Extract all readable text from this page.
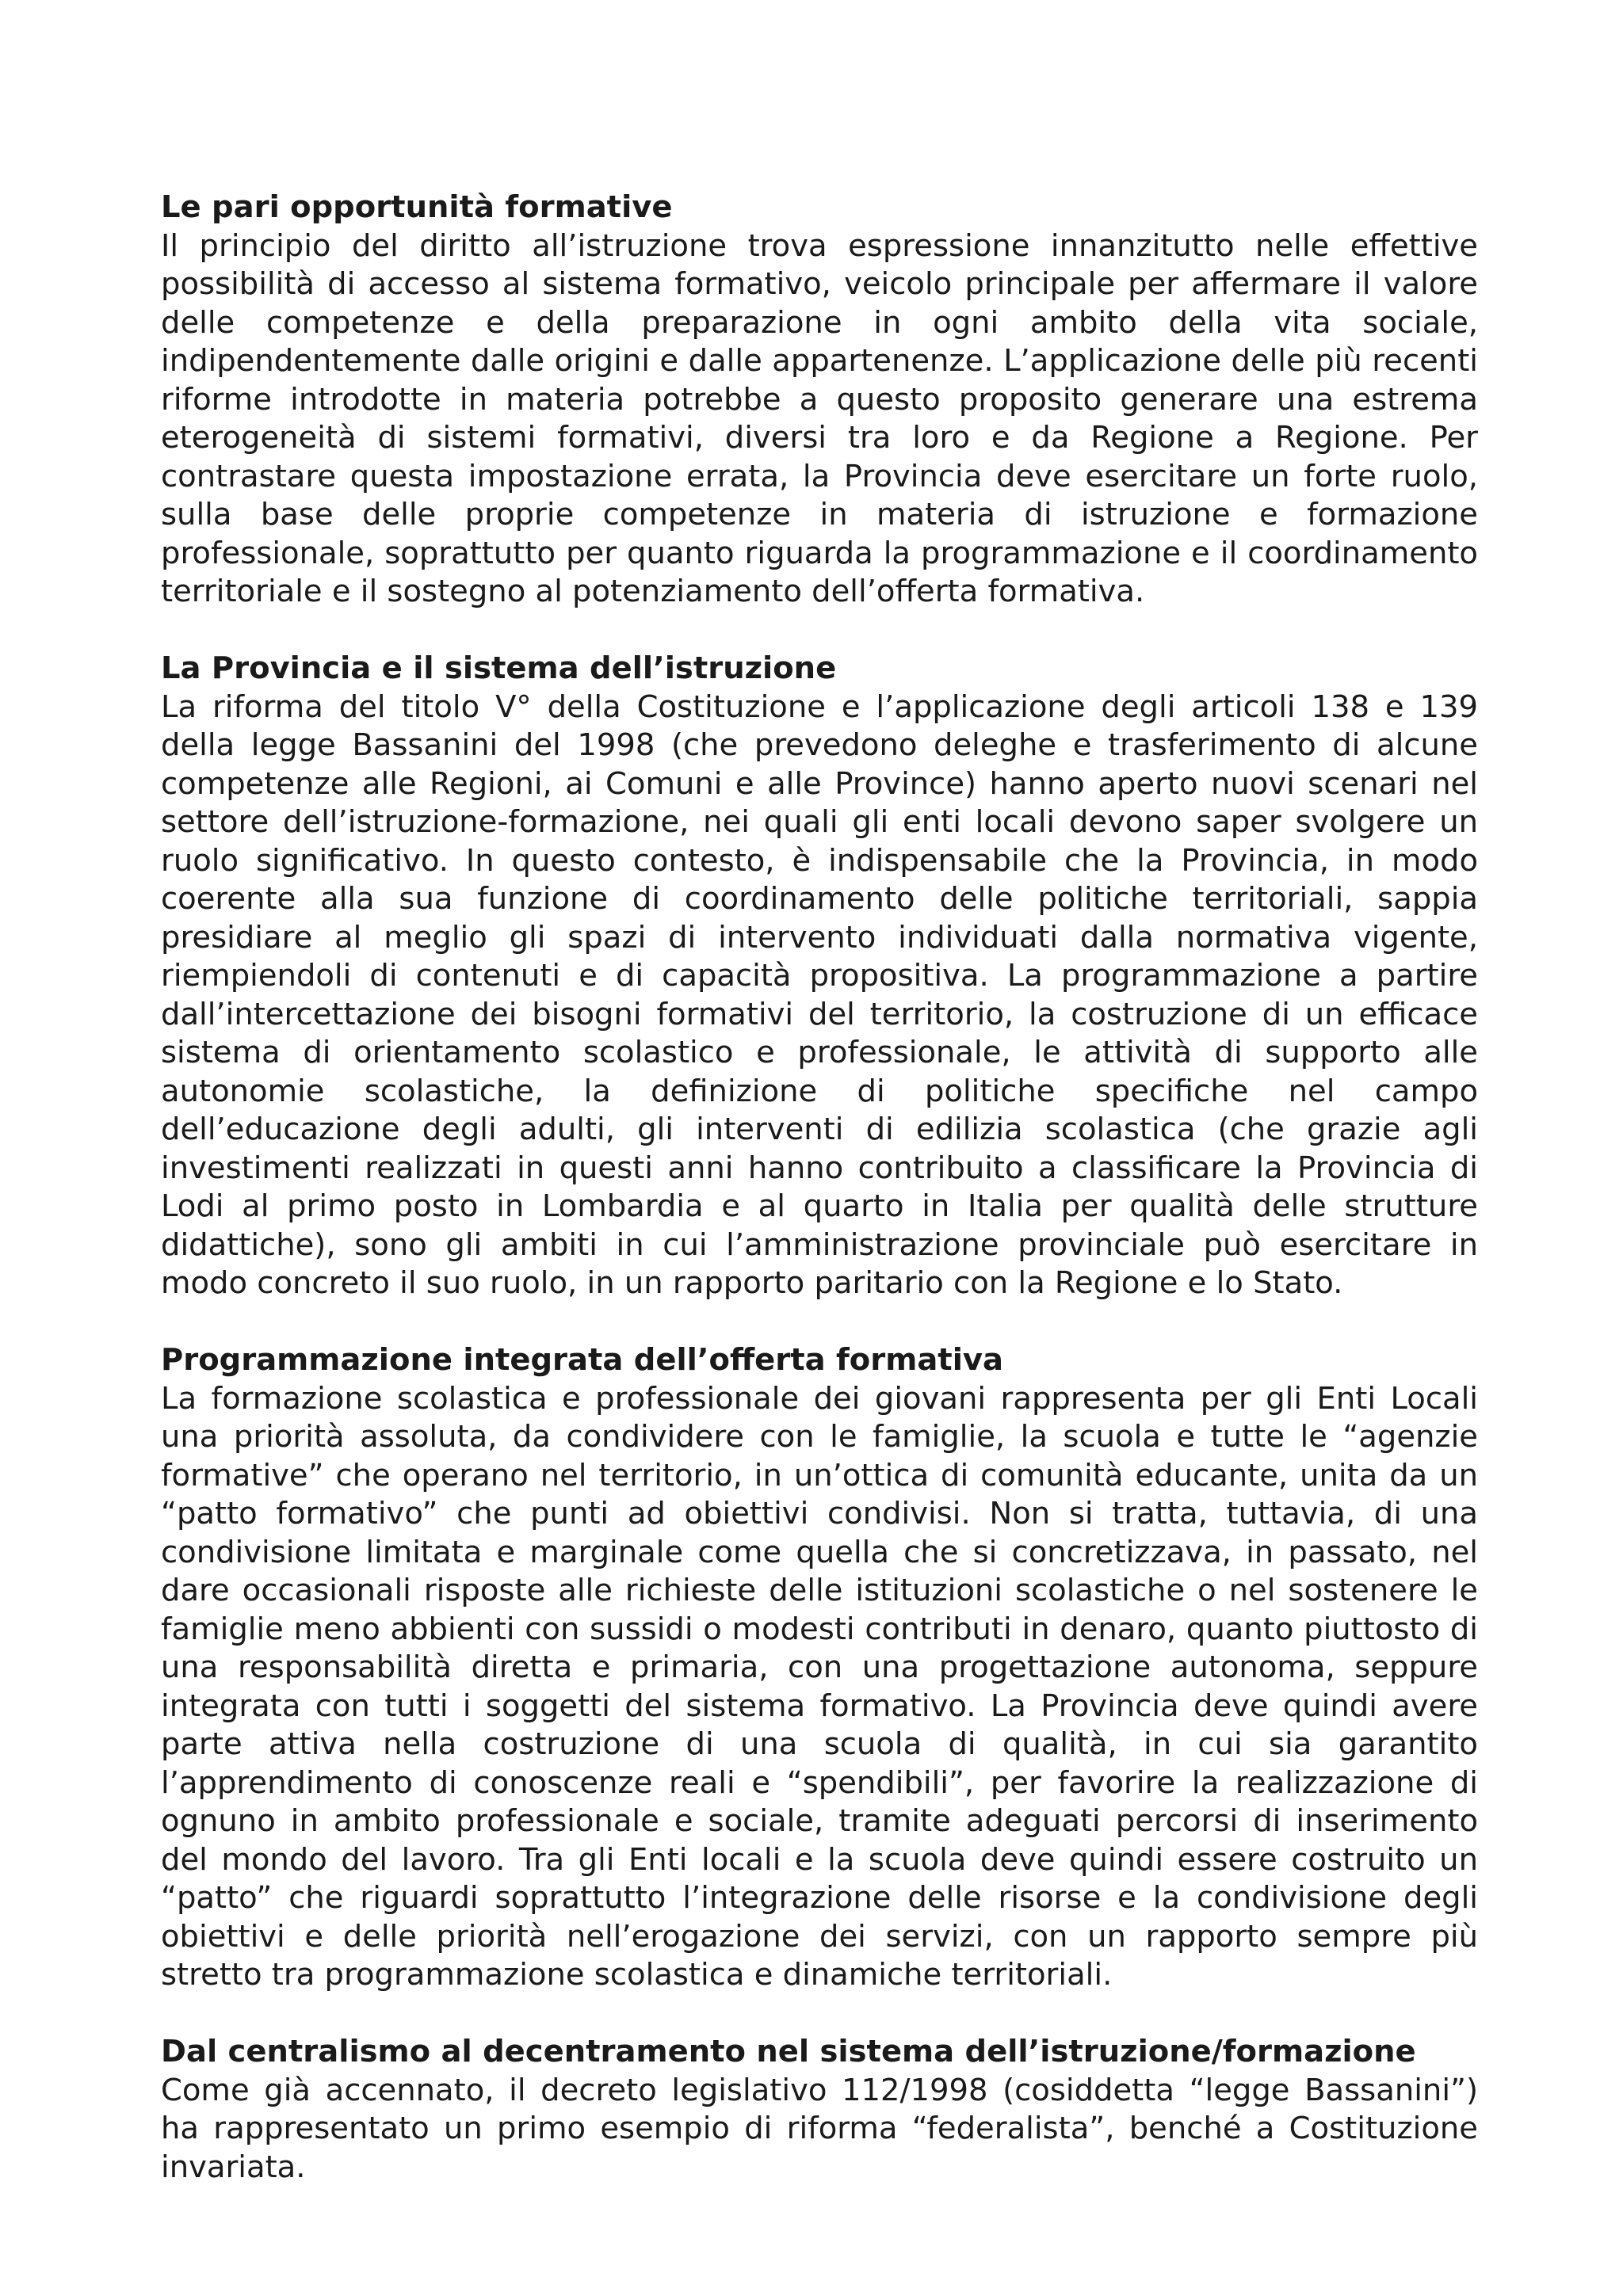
Le pari opportunità formative

Il principio del diritto all’istruzione trova espressione innanzitutto nelle effettive possibilità di accesso al sistema formativo, veicolo principale per affermare il valore delle competenze e della preparazione in ogni ambito della vita sociale, indipendentemente dalle origini e dalle appartenenze. L’applicazione delle più recenti riforme introdotte in materia potrebbe a questo proposito generare una estrema eterogeneità di sistemi formativi, diversi tra loro e da Regione a Regione. Per contrastare questa impostazione errata, la Provincia deve esercitare un forte ruolo, sulla base delle proprie competenze in materia di istruzione e formazione professionale, soprattutto per quanto riguarda la programmazione e il coordinamento territoriale e il sostegno al potenziamento dell’offerta formativa.

La Provincia e il sistema dell’istruzione

La riforma del titolo V° della Costituzione e l’applicazione degli articoli 138 e 139 della legge Bassanini del 1998 (che prevedono deleghe e trasferimento di alcune competenze alle Regioni, ai Comuni e alle Province) hanno aperto nuovi scenari nel settore dell’istruzione-formazione, nei quali gli enti locali devono saper svolgere un ruolo significativo. In questo contesto, è indispensabile che la Provincia, in modo coerente alla sua funzione di coordinamento delle politiche territoriali, sappia presidiare al meglio gli spazi di intervento individuati dalla normativa vigente, riempiendoli di contenuti e di capacità propositiva. La programmazione a partire dall’intercettazione dei bisogni formativi del territorio, la costruzione di un efficace sistema di orientamento scolastico e professionale, le attività di supporto alle autonomie scolastiche, la definizione di politiche specifiche nel campo dell’educazione degli adulti, gli interventi di edilizia scolastica (che grazie agli investimenti realizzati in questi anni hanno contribuito a classificare la Provincia di Lodi al primo posto in Lombardia e al quarto in Italia per qualità delle strutture didattiche), sono gli ambiti in cui l’amministrazione provinciale può esercitare in modo concreto il suo ruolo, in un rapporto paritario con la Regione e lo Stato.

Programmazione integrata dell’offerta formativa

La formazione scolastica e professionale dei giovani rappresenta per gli Enti Locali una priorità assoluta, da condividere con le famiglie, la scuola e tutte le “agenzie formative” che operano nel territorio, in un’ottica di comunità educante, unita da un “patto formativo” che punti ad obiettivi condivisi. Non si tratta, tuttavia, di una condivisione limitata e marginale come quella che si concretizzava, in passato, nel dare occasionali risposte alle richieste delle istituzioni scolastiche o nel sostenere le famiglie meno abbienti con sussidi o modesti contributi in denaro, quanto piuttosto di una responsabilità diretta e primaria, con una progettazione autonoma, seppure integrata con tutti i soggetti del sistema formativo. La Provincia deve quindi avere parte attiva nella costruzione di una scuola di qualità, in cui sia garantito l’apprendimento di conoscenze reali e “spendibili”, per favorire la realizzazione di ognuno in ambito professionale e sociale, tramite adeguati percorsi di inserimento del mondo del lavoro. Tra gli Enti locali e la scuola deve quindi essere costruito un “patto” che riguardi soprattutto l’integrazione delle risorse e la condivisione degli obiettivi e delle priorità nell’erogazione dei servizi, con un rapporto sempre più stretto tra programmazione scolastica e dinamiche territoriali.

Dal centralismo al decentramento nel sistema dell’istruzione/formazione

Come già accennato, il decreto legislativo 112/1998 (cosiddetta “legge Bassanini”) ha rappresentato un primo esempio di riforma “federalista”, benché a Costituzione invariata.
